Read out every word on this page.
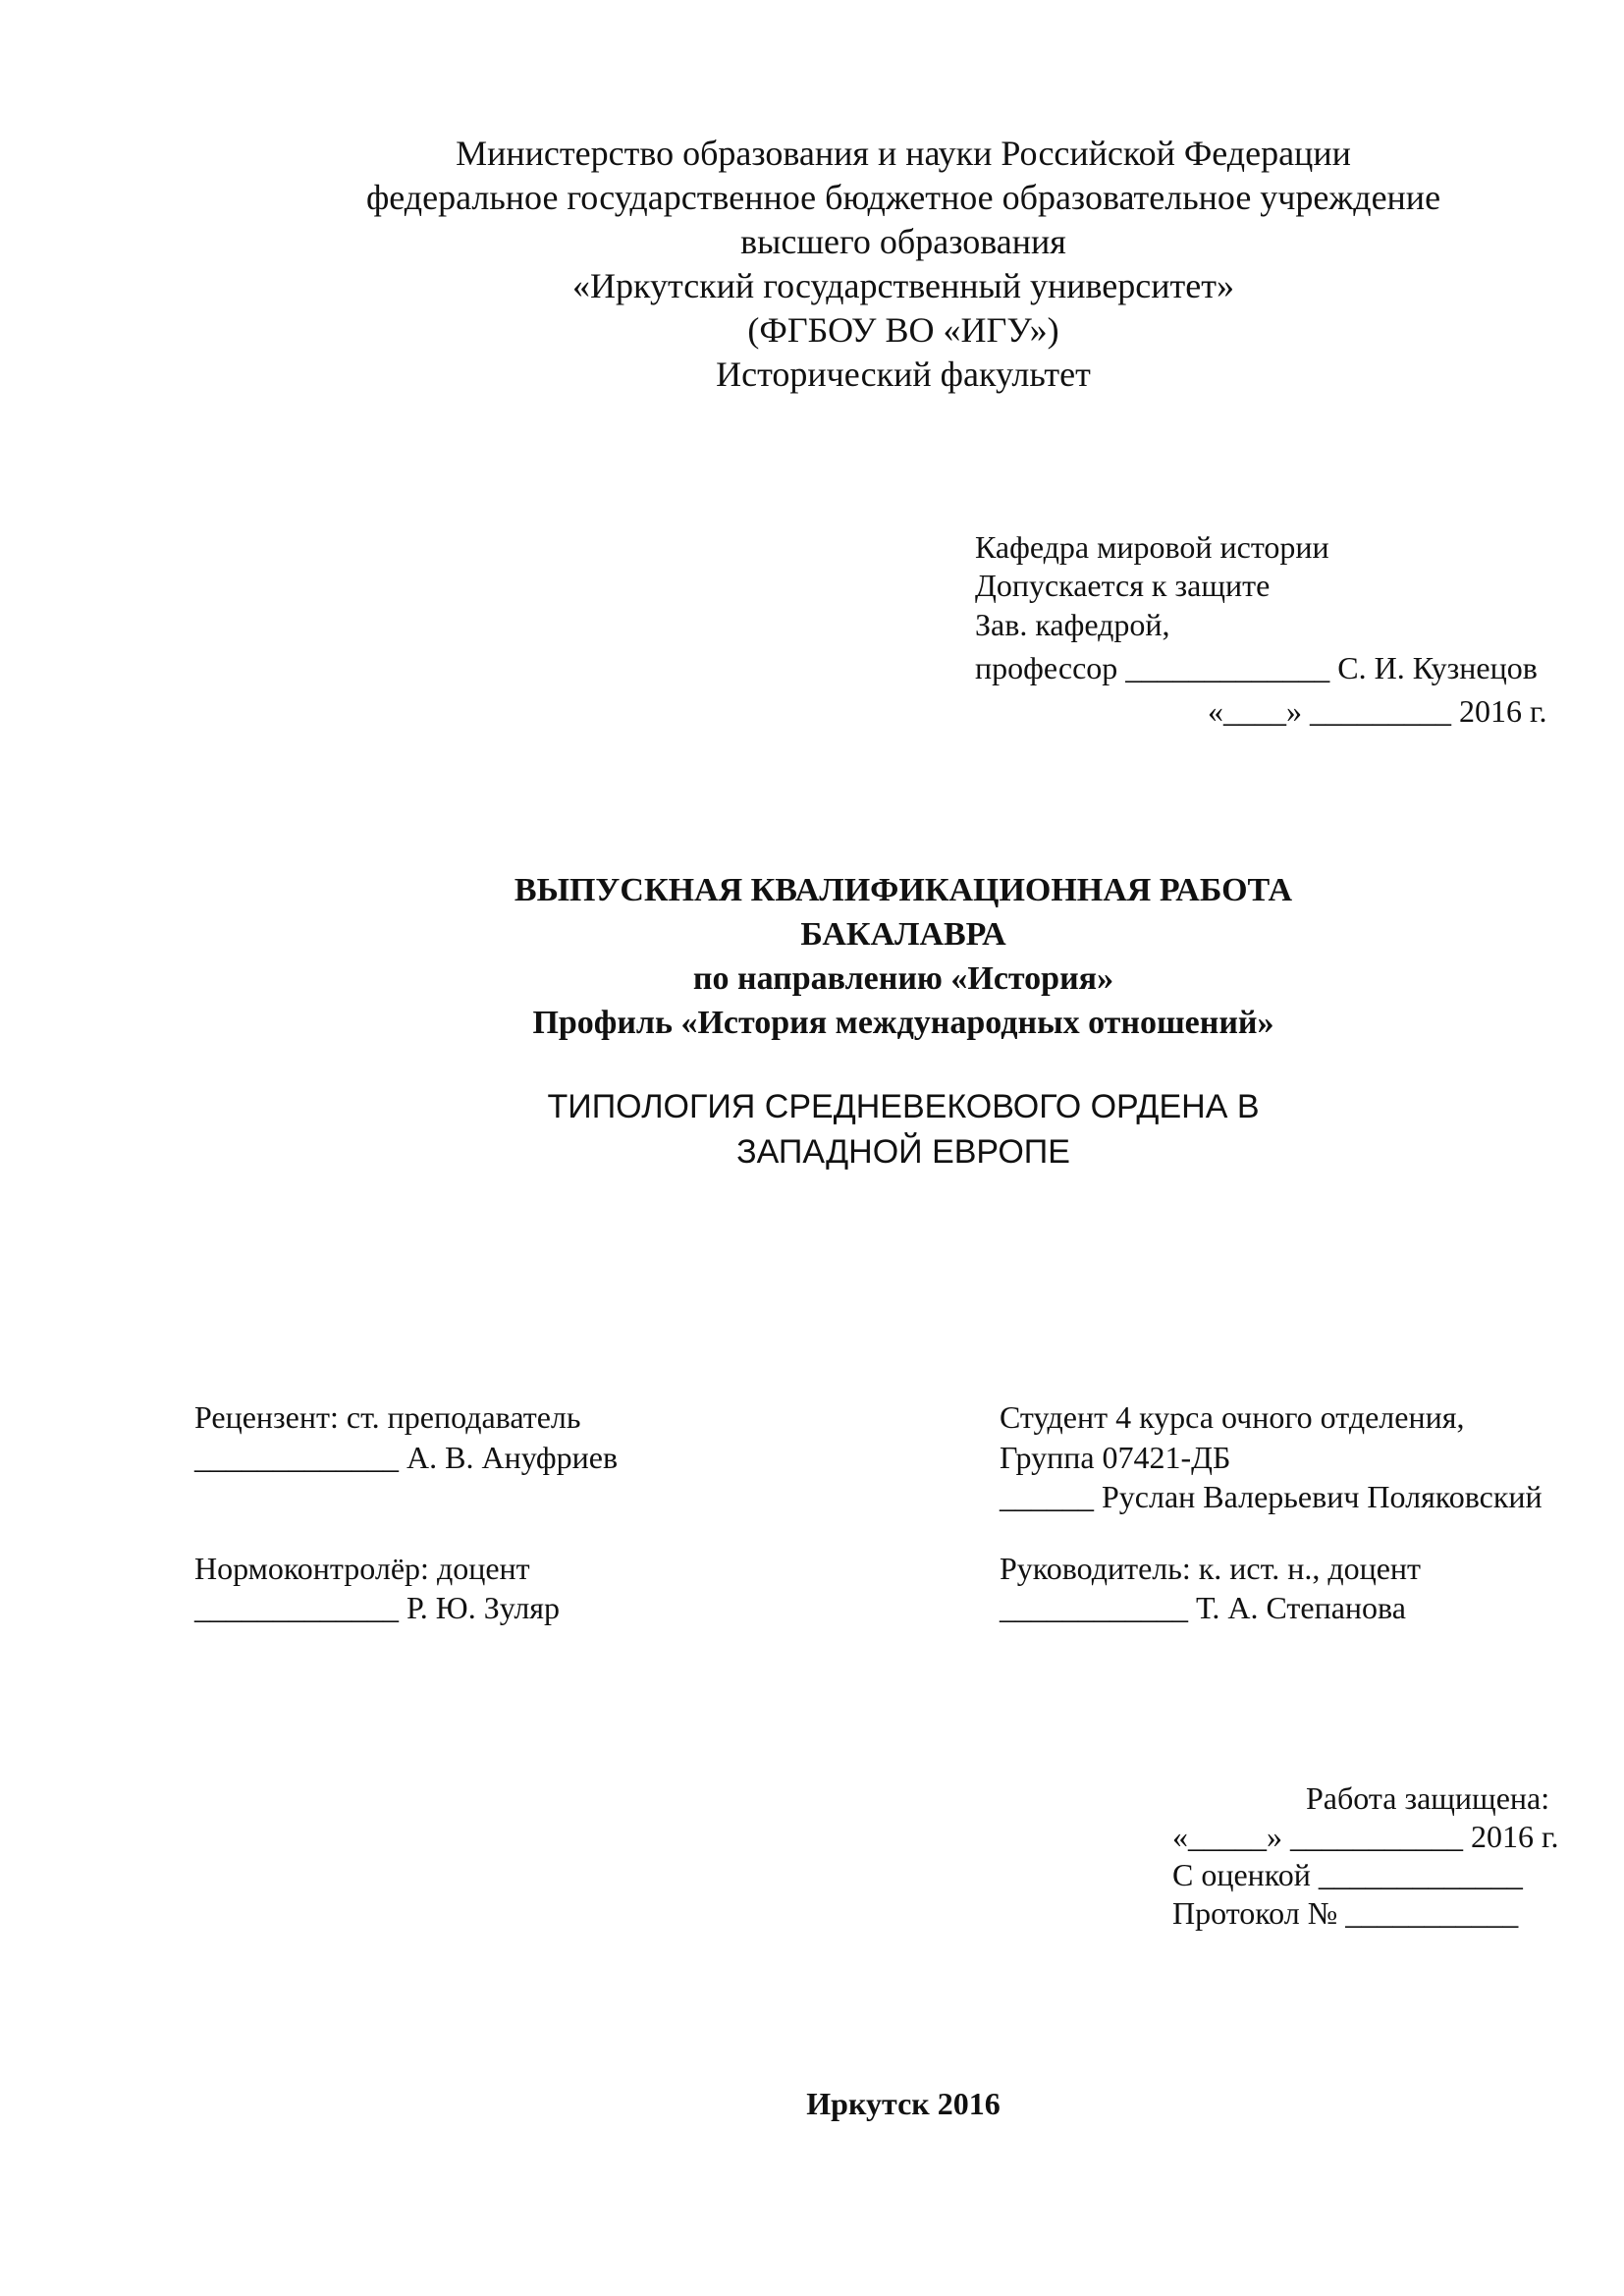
Министерство образования и науки Российской Федерации
федеральное государственное бюджетное образовательное учреждение
высшего образования
«Иркутский государственный университет»
(ФГБОУ ВО «ИГУ»)
Исторический факультет
Кафедра мировой истории
Допускается к защите
Зав. кафедрой,
профессор _____________ С. И. Кузнецов
«____» _________ 2016 г.
ВЫПУСКНАЯ КВАЛИФИКАЦИОННАЯ РАБОТА
БАКАЛАВРА
по направлению «История»
Профиль «История международных отношений»
ТИПОЛОГИЯ СРЕДНЕВЕКОВОГО ОРДЕНА В
ЗАПАДНОЙ ЕВРОПЕ
Рецензент: ст. преподаватель
_____________ А. В. Ануфриев
Нормоконтролёр: доцент
_____________ Р. Ю. Зуляр
Студент 4 курса очного отделения,
Группа 07421-ДБ
______ Руслан Валерьевич Поляковский
Руководитель: к. ист. н., доцент
____________ Т. А. Степанова
Работа защищена:
«_____» ___________ 2016 г.
С оценкой _____________
Протокол № ___________
Иркутск 2016
